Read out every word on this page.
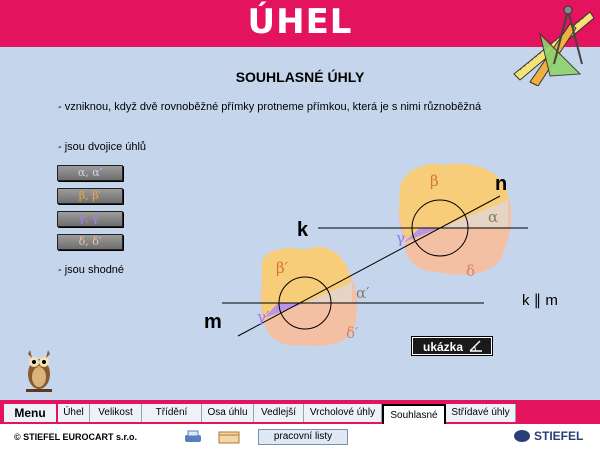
ÚHEL
SOUHLASNÉ ÚHLY
- vzniknou, když dvě rovnoběžné přímky protneme přímkou, která je s nimi různoběžná
- jsou dvojice úhlů
α, α′
β, β′
γ, γ′
δ, δ′
- jsou shodné
k
m
n
k ∥ m
β
α
γ
δ
β′
α′
γ′
δ′
ukázka
Menu	Úhel	Velikost	Třídění	Osa úhlu	Vedlejší	Vrcholové úhly	Souhlasné	Střídavé úhly
© STIEFEL EUROCART s.r.o.	pracovní listy	STIEFEL
